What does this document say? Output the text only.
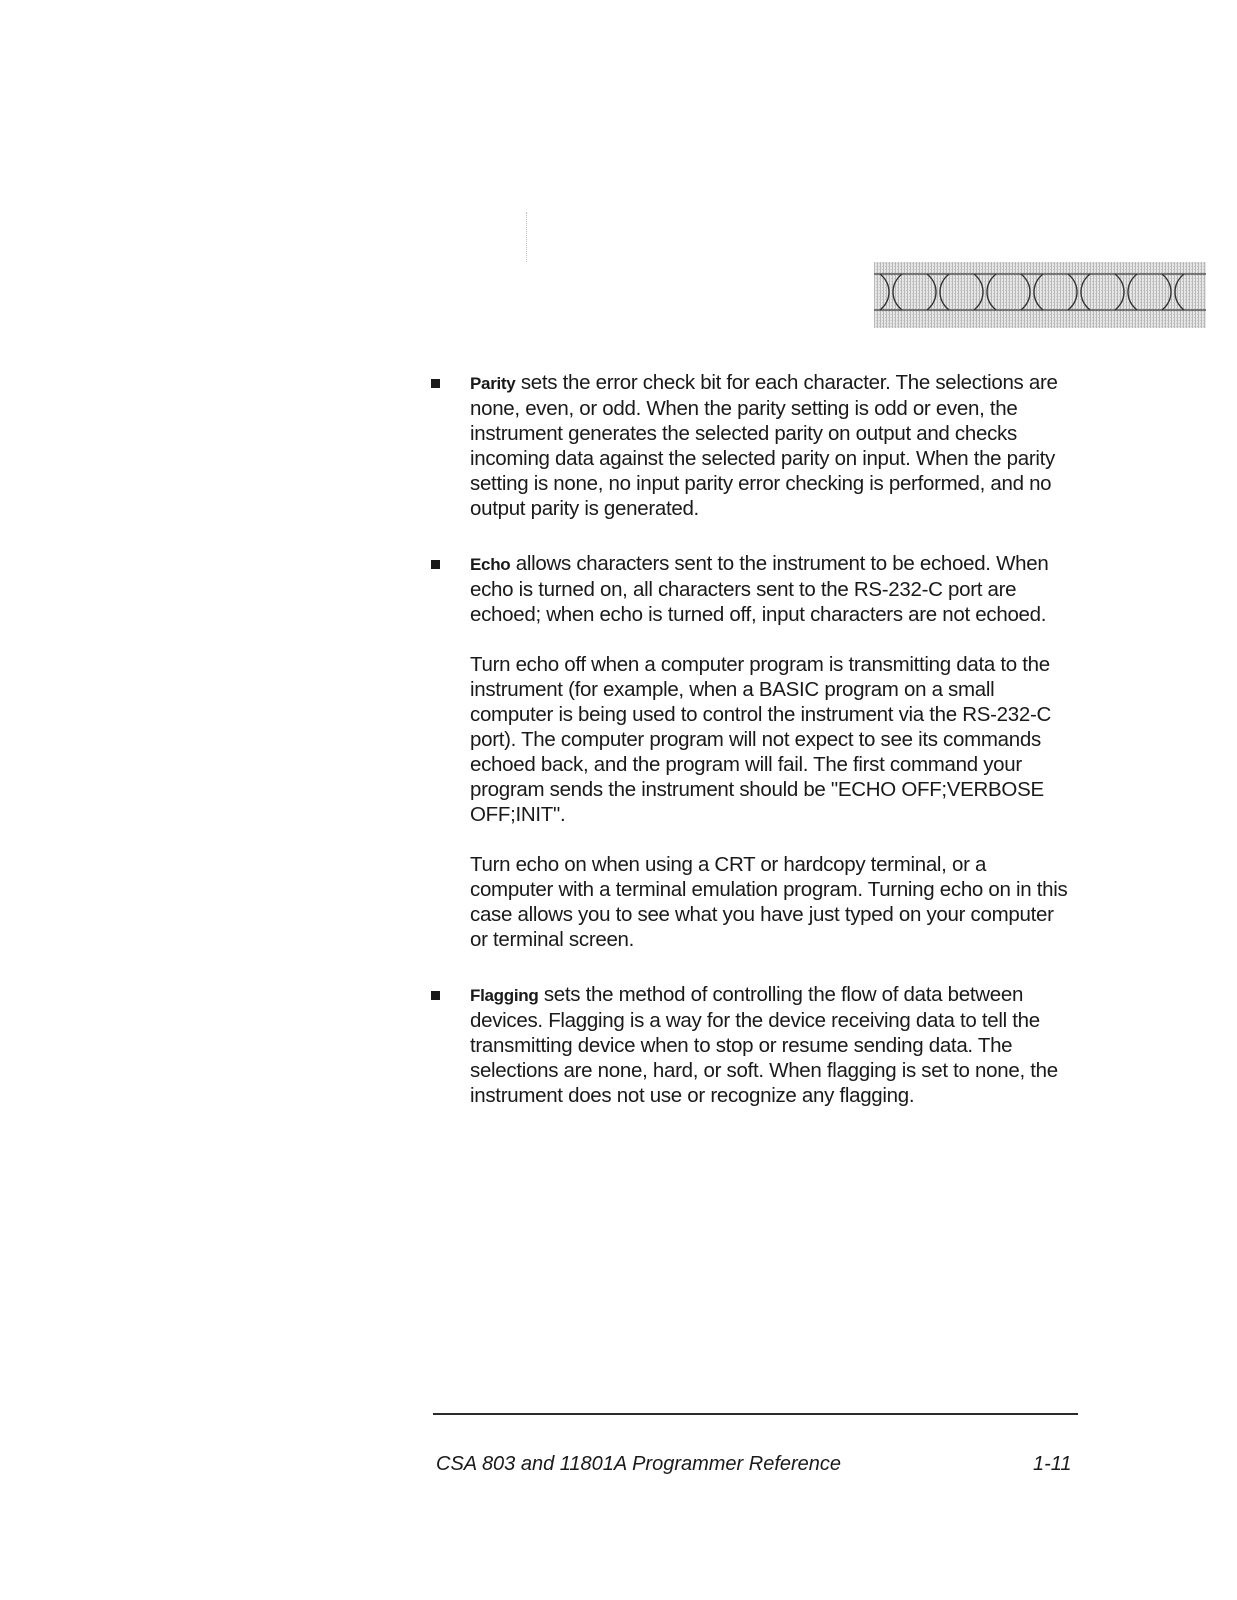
Parity sets the error check bit for each character. The selections are none, even, or odd. When the parity setting is odd or even, the instrument generates the selected parity on output and checks incoming data against the selected parity on input. When the parity setting is none, no input parity error checking is performed, and no output parity is generated.

Echo allows characters sent to the instrument to be echoed. When echo is turned on, all characters sent to the RS-232-C port are echoed; when echo is turned off, input characters are not echoed.

Turn echo off when a computer program is transmitting data to the instrument (for example, when a BASIC program on a small computer is being used to control the instrument via the RS-232-C port). The computer program will not expect to see its commands echoed back, and the program will fail. The first command your program sends the instrument should be "ECHO OFF;VERBOSE OFF;INIT".

Turn echo on when using a CRT or hardcopy terminal, or a computer with a terminal emulation program. Turning echo on in this case allows you to see what you have just typed on your computer or terminal screen.

Flagging sets the method of controlling the flow of data between devices. Flagging is a way for the device receiving data to tell the transmitting device when to stop or resume sending data. The selections are none, hard, or soft. When flagging is set to none, the instrument does not use or recognize any flagging.

CSA 803 and 11801A Programmer Reference	1-11
